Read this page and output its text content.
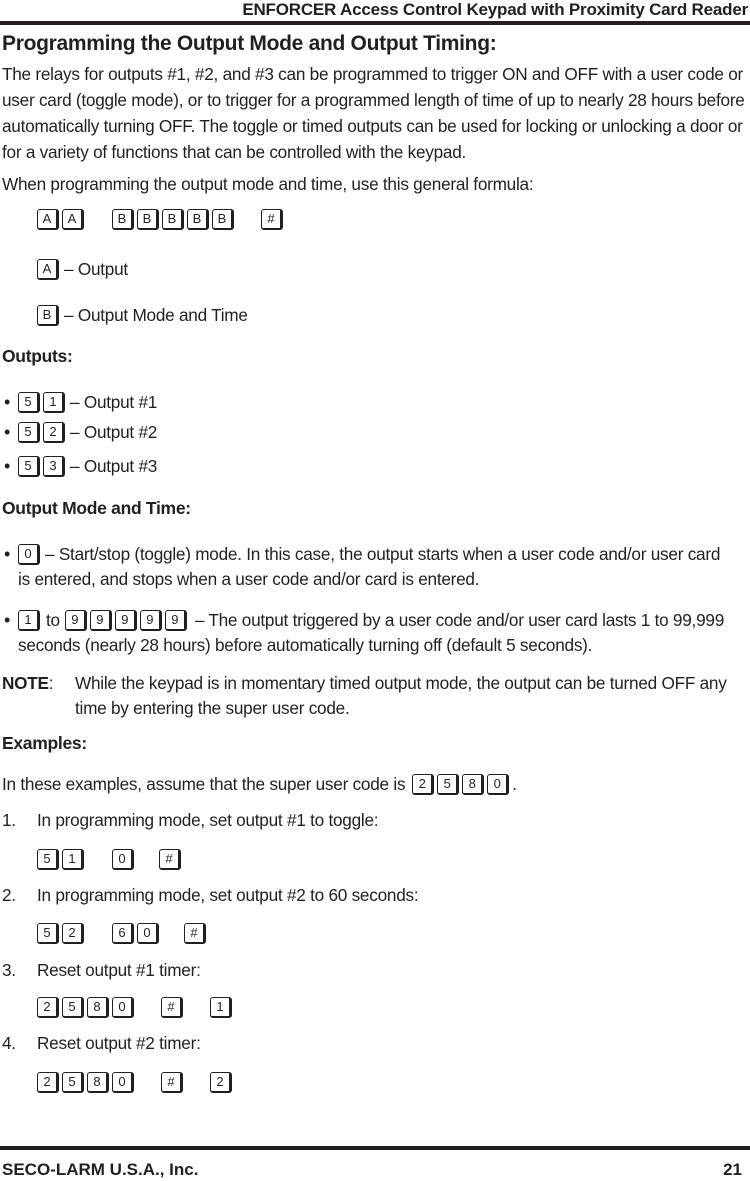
ENFORCER Access Control Keypad with Proximity Card Reader
Programming the Output Mode and Output Timing:
The relays for outputs #1, #2, and #3 can be programmed to trigger ON and OFF with a user code or user card (toggle mode), or to trigger for a programmed length of time of up to nearly 28 hours before automatically turning OFF. The toggle or timed outputs can be used for locking or unlocking a door or for a variety of functions that can be controlled with the keypad.
When programming the output mode and time, use this general formula:
A	A	B	B	B	B	B	#
A – Output
B – Output Mode and Time
Outputs:
•	5	1 – Output #1
•	5	2 – Output #2
•	5	3 – Output #3
Output Mode and Time:
•	0 – Start/stop (toggle) mode. In this case, the output starts when a user code and/or user card
is entered, and stops when a user code and/or card is entered.
•	1 to 9	9	9	9	9 – The output triggered by a user code and/or user card lasts 1 to 99,999
seconds (nearly 28 hours) before automatically turning off (default 5 seconds).
NOTE: While the keypad is in momentary timed output mode, the output can be turned OFF any
time by entering the super user code.
Examples:
In these examples, assume that the super user code is	2	5	8	0 .
1. In programming mode, set output #1 to toggle:
5	1	0	#
2. In programming mode, set output #2 to 60 seconds:
5	2	6	0	#
3. Reset output #1 timer:
2	5	8	0	#	1
4. Reset output #2 timer:
2	5	8	0	#	2
SECO-LARM U.S.A., Inc.	21
